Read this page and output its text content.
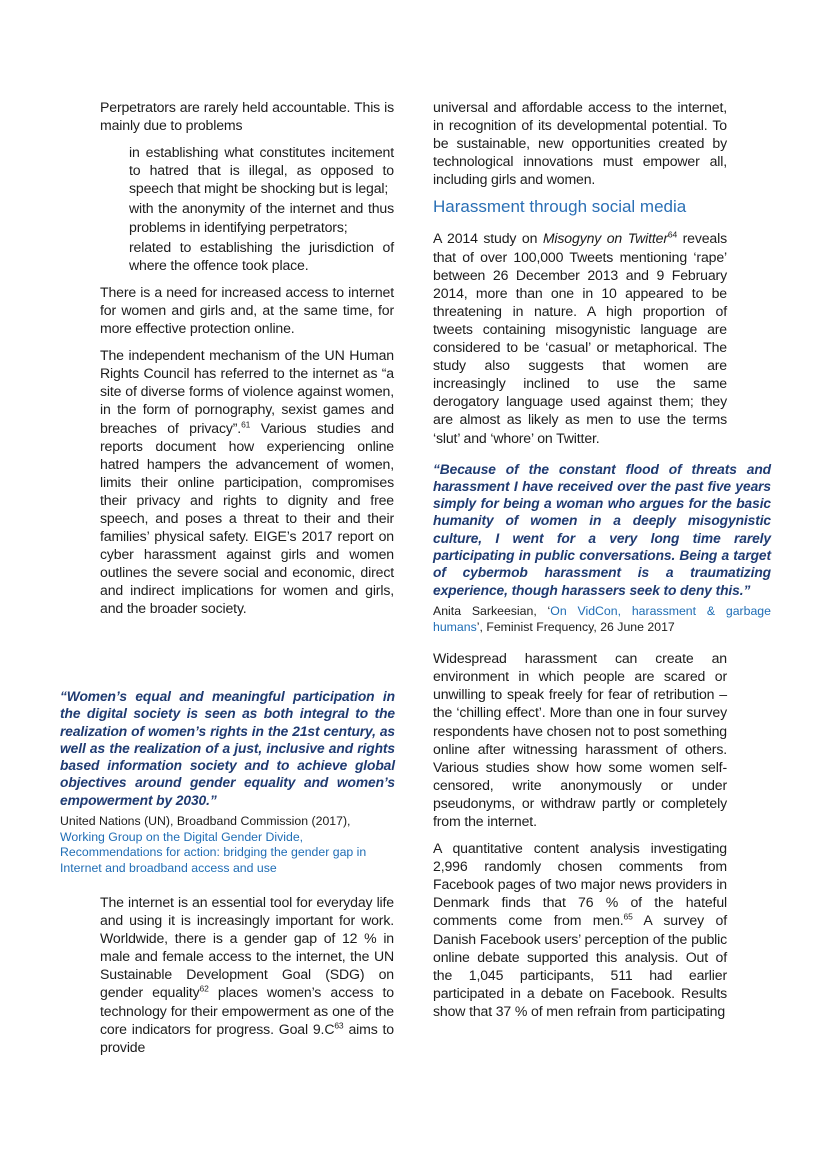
Perpetrators are rarely held accountable. This is mainly due to problems

in establishing what constitutes incitement to hatred that is illegal, as opposed to speech that might be shocking but is legal;
with the anonymity of the internet and thus problems in identifying perpetrators;
related to establishing the jurisdiction of where the offence took place.

There is a need for increased access to internet for women and girls and, at the same time, for more effective protection online.

The independent mechanism of the UN Human Rights Council has referred to the internet as “a site of diverse forms of violence against women, in the form of pornography, sexist games and breaches of privacy”.$^{61}$ Various studies and reports document how experiencing online hatred hampers the advancement of women, limits their online participation, compromises their privacy and rights to dignity and free speech, and poses a threat to their and their families’ physical safety. EIGE’s 2017 report on cyber harassment against girls and women outlines the severe social and economic, direct and indirect implications for women and girls, and the broader society.

“Women’s equal and meaningful participation in the digital society is seen as both integral to the realization of women’s rights in the 21st century, as well as the realization of a just, inclusive and rights based information society and to achieve global objectives around gender equality and women’s empowerment by 2030.”

United Nations (UN), Broadband Commission (2017),
Working Group on the Digital Gender Divide, Recommendations for action: bridging the gender gap in Internet and broadband access and use

The internet is an essential tool for everyday life and using it is increasingly important for work. Worldwide, there is a gender gap of 12 % in male and female access to the internet, the UN Sustainable Development Goal (SDG) on gender equality$^{62}$ places women’s access to technology for their empowerment as one of the core indicators for progress. Goal $9.C^{63}$ aims to provide

universal and affordable access to the internet, in recognition of its developmental potential. To be sustainable, new opportunities created by technological innovations must empower all, including girls and women.

Harassment through social media

A 2014 study on Misogyny on Twitter$^{64}$ reveals that of over 100,000 Tweets mentioning ‘rape’ between 26 December 2013 and 9 February 2014, more than one in 10 appeared to be threatening in nature. A high proportion of tweets containing misogynistic language are considered to be ‘casual’ or metaphorical. The study also suggests that women are increasingly inclined to use the same derogatory language used against them; they are almost as likely as men to use the terms ‘slut’ and ‘whore’ on Twitter.

“Because of the constant flood of threats and harassment I have received over the past five years simply for being a woman who argues for the basic humanity of women in a deeply misogynistic culture, I went for a very long time rarely participating in public conversations. Being a target of cybermob harassment is a traumatizing experience, though harassers seek to deny this.”

Anita Sarkeesian, ‘On VidCon, harassment & garbage humans’, Feminist Frequency, 26 June 2017

Widespread harassment can create an environment in which people are scared or unwilling to speak freely for fear of retribution – the ‘chilling effect’. More than one in four survey respondents have chosen not to post something online after witnessing harassment of others. Various studies show how some women self-censored, write anonymously or under pseudonyms, or withdraw partly or completely from the internet.

A quantitative content analysis investigating 2,996 randomly chosen comments from Facebook pages of two major news providers in Denmark finds that 76 % of the hateful comments come from men.$^{65}$ A survey of Danish Facebook users’ perception of the public online debate supported this analysis. Out of the 1,045 participants, 511 had earlier participated in a debate on Facebook. Results show that 37 % of men refrain from participating
